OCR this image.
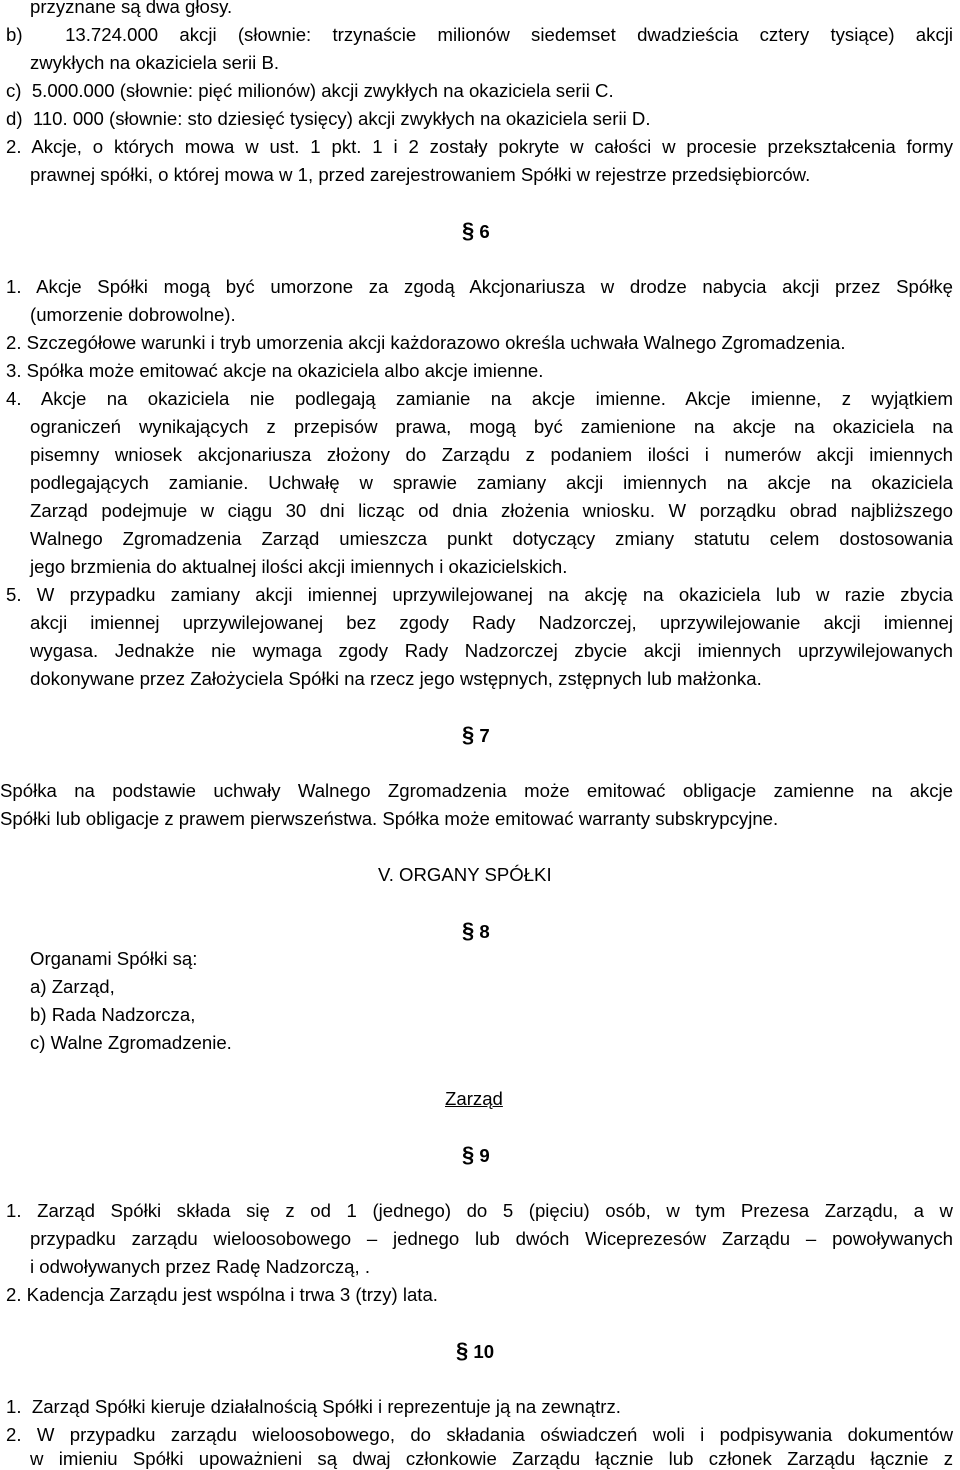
przyznane są dwa głosy.
b)  13.724.000 akcji (słownie: trzynaście milionów siedemset dwadzieścia cztery tysiące) akcji
zwykłych na okaziciela serii B.
c)  5.000.000 (słownie: pięć milionów) akcji zwykłych na okaziciela serii C.
d)  110. 000 (słownie: sto dziesięć tysięcy) akcji zwykłych na okaziciela serii D.
2. Akcje, o których mowa w ust. 1 pkt. 1 i 2 zostały pokryte w całości w procesie przekształcenia formy
prawnej spółki, o której mowa w 1, przed zarejestrowaniem Spółki w rejestrze przedsiębiorców.
§ 6
1. Akcje Spółki mogą być umorzone za zgodą Akcjonariusza w drodze nabycia akcji przez Spółkę
(umorzenie dobrowolne).
2. Szczegółowe warunki i tryb umorzenia akcji każdorazowo określa uchwała Walnego Zgromadzenia.
3. Spółka może emitować akcje na okaziciela albo akcje imienne.
4. Akcje na okaziciela nie podlegają zamianie na akcje imienne. Akcje imienne, z wyjątkiem
ograniczeń wynikających z przepisów prawa, mogą być zamienione na akcje na okaziciela na
pisemny wniosek akcjonariusza złożony do Zarządu z podaniem ilości i numerów akcji imiennych
podlegających zamianie. Uchwałę w sprawie zamiany akcji imiennych na akcje na okaziciela
Zarząd podejmuje w ciągu 30 dni licząc od dnia złożenia wniosku. W porządku obrad najbliższego
Walnego Zgromadzenia Zarząd umieszcza punkt dotyczący zmiany statutu celem dostosowania
jego brzmienia do aktualnej ilości akcji imiennych i okazicielskich.
5. W przypadku zamiany akcji imiennej uprzywilejowanej na akcję na okaziciela lub w razie zbycia
akcji imiennej uprzywilejowanej bez zgody Rady Nadzorczej, uprzywilejowanie akcji imiennej
wygasa. Jednakże nie wymaga zgody Rady Nadzorczej zbycie akcji imiennych uprzywilejowanych
dokonywane przez Założyciela Spółki na rzecz jego wstępnych, zstępnych lub małżonka.
§ 7
Spółka na podstawie uchwały Walnego Zgromadzenia może emitować obligacje zamienne na akcje
Spółki lub obligacje z prawem pierwszeństwa. Spółka może emitować warranty subskrypcyjne.
V. ORGANY SPÓŁKI
§ 8
Organami Spółki są:
a) Zarząd,
b) Rada Nadzorcza,
c) Walne Zgromadzenie.
Zarząd
§ 9
1. Zarząd Spółki składa się z od 1 (jednego) do 5 (pięciu) osób, w tym Prezesa Zarządu, a w
przypadku zarządu wieloosobowego – jednego lub dwóch Wiceprezesów Zarządu – powoływanych
i odwoływanych przez Radę Nadzorczą, .
2. Kadencja Zarządu jest wspólna i trwa 3 (trzy) lata.
§ 10
1.  Zarząd Spółki kieruje działalnością Spółki i reprezentuje ją na zewnątrz.
2. W przypadku zarządu wieloosobowego, do składania oświadczeń woli i podpisywania dokumentów
w imieniu Spółki upoważnieni są dwaj członkowie Zarządu łącznie lub członek Zarządu łącznie z
